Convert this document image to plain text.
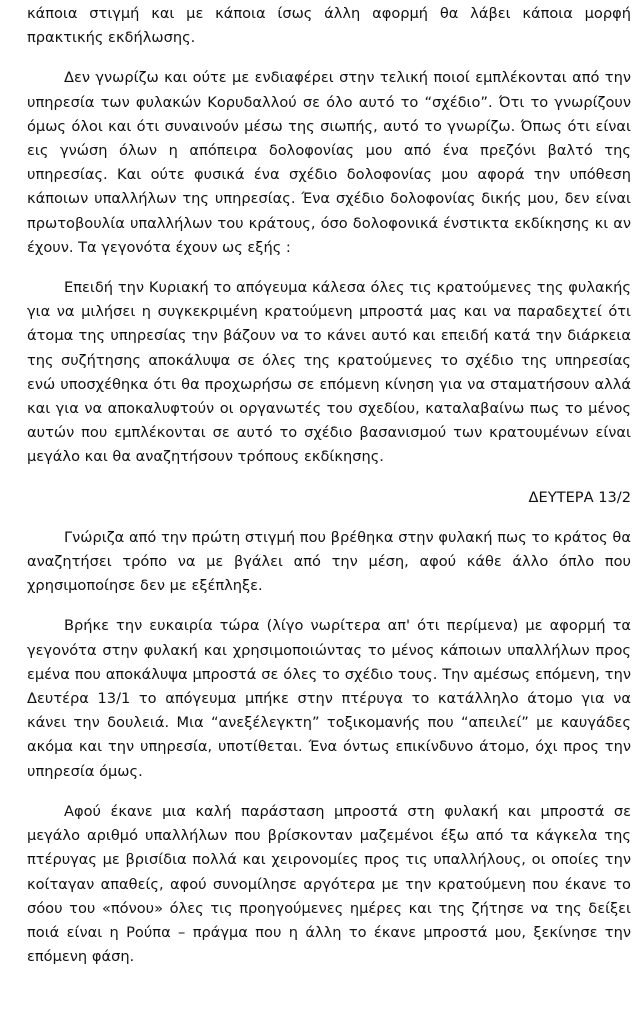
κάποια στιγμή και με κάποια ίσως άλλη αφορμή θα λάβει κάποια μορφή πρακτικής εκδήλωσης.

Δεν γνωρίζω και ούτε με ενδιαφέρει στην τελική ποιοί εμπλέκονται από την υπηρεσία των φυλακών Κορυδαλλού σε όλο αυτό το “σχέδιο”. Ότι το γνωρίζουν όμως όλοι και ότι συναινούν μέσω της σιωπής, αυτό το γνωρίζω. Όπως ότι είναι εις γνώση όλων η απόπειρα δολοφονίας μου από ένα πρεζόνι βαλτό της υπηρεσίας. Και ούτε φυσικά ένα σχέδιο δολοφονίας μου αφορά την υπόθεση κάποιων υπαλλήλων της υπηρεσίας. Ένα σχέδιο δολοφονίας δικής μου, δεν είναι πρωτοβουλία υπαλλήλων του κράτους, όσο δολοφονικά ένστικτα εκδίκησης κι αν έχουν. Τα γεγονότα έχουν ως εξής :

Επειδή την Κυριακή το απόγευμα κάλεσα όλες τις κρατούμενες της φυλακής για να μιλήσει η συγκεκριμένη κρατούμενη μπροστά μας και να παραδεχτεί ότι άτομα της υπηρεσίας την βάζουν να το κάνει αυτό και επειδή κατά την διάρκεια της συζήτησης αποκάλυψα σε όλες της κρατούμενες το σχέδιο της υπηρεσίας ενώ υποσχέθηκα ότι θα προχωρήσω σε επόμενη κίνηση για να σταματήσουν αλλά και για να αποκαλυφτούν οι οργανωτές του σχεδίου, καταλαβαίνω πως το μένος αυτών που εμπλέκονται σε αυτό το σχέδιο βασανισμού των κρατουμένων είναι μεγάλο και θα αναζητήσουν τρόπους εκδίκησης.

ΔΕΥΤΕΡΑ 13/2

Γνώριζα από την πρώτη στιγμή που βρέθηκα στην φυλακή πως το κράτος θα αναζητήσει τρόπο να με βγάλει από την μέση, αφού κάθε άλλο όπλο που χρησιμοποίησε δεν με εξέπληξε.

Βρήκε την ευκαιρία τώρα (λίγο νωρίτερα απ' ότι περίμενα) με αφορμή τα γεγονότα στην φυλακή και χρησιμοποιώντας το μένος κάποιων υπαλλήλων προς εμένα που αποκάλυψα μπροστά σε όλες το σχέδιο τους. Την αμέσως επόμενη, την Δευτέρα 13/1 το απόγευμα μπήκε στην πτέρυγα το κατάλληλο άτομο για να κάνει την δουλειά. Μια “ανεξέλεγκτη” τοξικομανής που “απειλεί” με καυγάδες ακόμα και την υπηρεσία, υποτίθεται. Ένα όντως επικίνδυνο άτομο, όχι προς την υπηρεσία όμως.

Αφού έκανε μια καλή παράσταση μπροστά στη φυλακή και μπροστά σε μεγάλο αριθμό υπαλλήλων που βρίσκονταν μαζεμένοι έξω από τα κάγκελα της πτέρυγας με βρισίδια πολλά και χειρονομίες προς τις υπαλλήλους, οι οποίες την κοίταγαν απαθείς, αφού συνομίλησε αργότερα με την κρατούμενη που έκανε το σόου του «πόνου» όλες τις προηγούμενες ημέρες και της ζήτησε να της δείξει ποιά είναι η Ρούπα – πράγμα που η άλλη το έκανε μπροστά μου, ξεκίνησε την επόμενη φάση.
